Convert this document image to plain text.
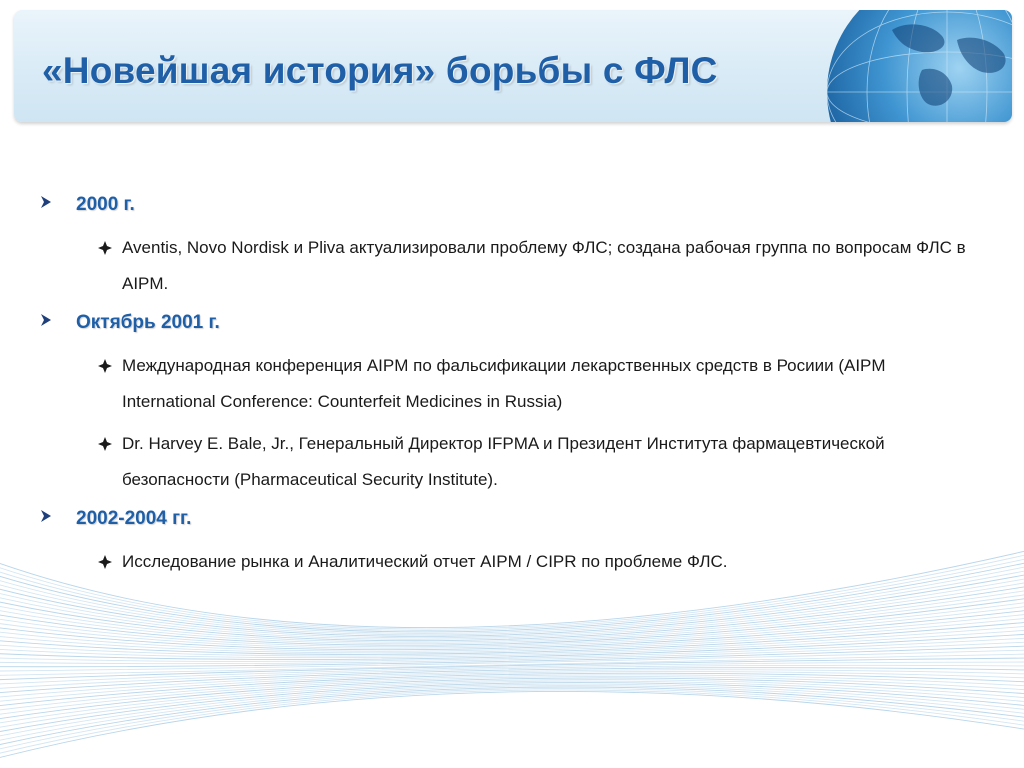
«Новейшая история» борьбы с ФЛС
2000 г.
Aventis, Novo Nordisk и Pliva актуализировали проблему ФЛС; создана рабочая группа по вопросам ФЛС в AIPM.
Октябрь 2001 г.
Международная конференция AIPM по фальсификации лекарственных средств в Росиии (AIPM International Conference: Counterfeit Medicines in Russia)
Dr. Harvey E. Bale, Jr., Генеральный Директор IFPMA и Президент Института фармацевтической безопасности (Pharmaceutical Security Institute).
2002-2004 гг.
Исследование рынка и Аналитический отчет AIPM / CIPR по проблеме ФЛС.
